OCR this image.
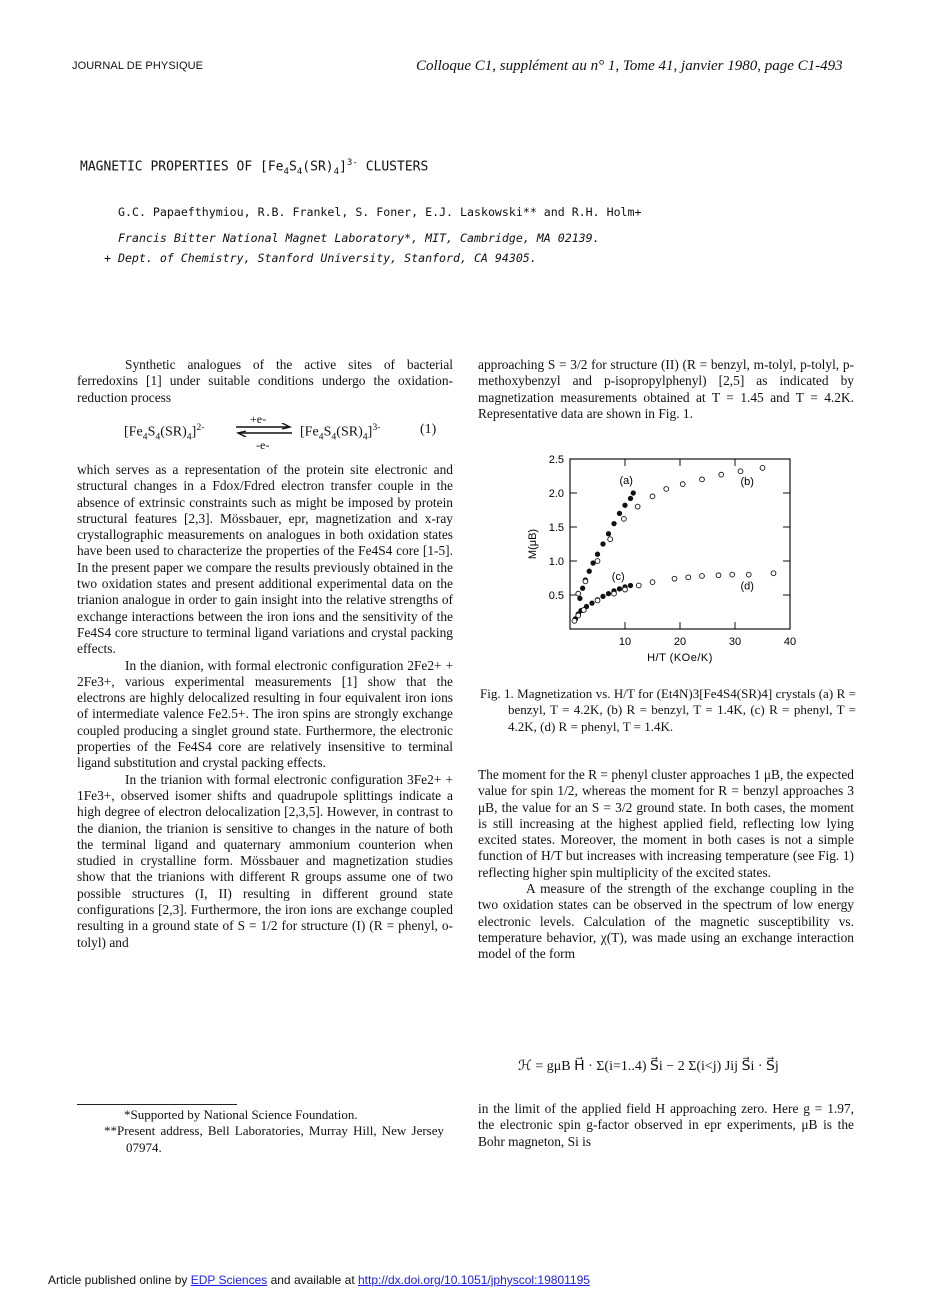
JOURNAL DE PHYSIQUE	Colloque C1, supplément au n° 1, Tome 41, janvier 1980, page C1-493
MAGNETIC PROPERTIES OF $[Fe_4S_4(SR)_4]^{3-}$ CLUSTERS
G.C. Papaefthymiou, R.B. Frankel, S. Foner, E.J. Laskowski** and R.H. Holm+
Francis Bitter National Magnet Laboratory*, MIT, Cambridge, MA 02139.
+ Dept. of Chemistry, Stanford University, Stanford, CA 94305.

Synthetic analogues of the active sites of bacterial ferredoxins [1] under suitable conditions undergo the oxidation-reduction process

$[Fe_4S_4(SR)_4]^{2-}$
+e-
-e-
$[Fe_4S_4(SR)_4]^{3-}$	(1)

which serves as a representation of the protein site electronic and structural changes in a Fdox/Fdred electron transfer couple in the absence of extrinsic constraints such as might be imposed by protein structural features [2,3]. Mössbauer, epr, magnetization and x-ray crystallographic measurements on analogues in both oxidation states have been used to characterize the properties of the Fe4S4 core [1-5]. In the present paper we compare the results previously obtained in the two oxidation states and present additional experimental data on the trianion analogue in order to gain insight into the relative strengths of exchange interactions between the iron ions and the sensitivity of the Fe4S4 core structure to terminal ligand variations and crystal packing effects.

In the dianion, with formal electronic configuration 2Fe2+ + 2Fe3+, various experimental measurements [1] show that the electrons are highly delocalized resulting in four equivalent iron ions of intermediate valence Fe2.5+. The iron spins are strongly exchange coupled producing a singlet ground state. Furthermore, the electronic properties of the Fe4S4 core are relatively insensitive to terminal ligand substitution and crystal packing effects.

In the trianion with formal electronic configuration 3Fe2+ + 1Fe3+, observed isomer shifts and quadrupole splittings indicate a high degree of electron delocalization [2,3,5]. However, in contrast to the dianion, the trianion is sensitive to changes in the nature of both the terminal ligand and quaternary ammonium counterion when studied in crystalline form. Mössbauer and magnetization studies show that the trianions with different R groups assume one of two possible structures (I, II) resulting in different ground state configurations [2,3]. Furthermore, the iron ions are exchange coupled resulting in a ground state of S = 1/2 for structure (I) (R = phenyl, o-tolyl) and

*Supported by National Science Foundation.

**Present address, Bell Laboratories, Murray Hill, New Jersey 07974.

approaching S = 3/2 for structure (II) (R = benzyl, m-tolyl, p-tolyl, p-methoxybenzyl and p-isopropylphenyl) [2,5] as indicated by magnetization measurements obtained at T = 1.45 and T = 4.2K. Representative data are shown in Fig. 1.

0.5
1.0
1.5
2.0
2.5
10	20	30	40
H/T (KOe/K)
M(μB)
(a)	(b)
(c)
(d)
Fig. 1. Magnetization vs. H/T for (Et4N)3[Fe4S4(SR)4] crystals (a) R = benzyl, T = 4.2K, (b) R = benzyl, T = 1.4K, (c) R = phenyl, T = 4.2K, (d) R = phenyl, T = 1.4K.

The moment for the R = phenyl cluster approaches 1 μB, the expected value for spin 1/2, whereas the moment for R = benzyl approaches 3 μB, the value for an S = 3/2 ground state. In both cases, the moment is still increasing at the highest applied field, reflecting low lying excited states. Moreover, the moment in both cases is not a simple function of H/T but increases with increasing temperature (see Fig. 1) reflecting higher spin multiplicity of the excited states.

A measure of the strength of the exchange coupling in the two oxidation states can be observed in the spectrum of low energy electronic levels. Calculation of the magnetic susceptibility vs. temperature behavior, χ(T), was made using an exchange interaction model of the form

ℋ = gμB H⃗ · Σ(i=1..4) S⃗i − 2 Σ(i<j) Jij S⃗i · S⃗j

in the limit of the applied field H approaching zero. Here g = 1.97, the electronic spin g-factor observed in epr experiments, μB is the Bohr magneton, Si is

Article published online by EDP Sciences and available at http://dx.doi.org/10.1051/jphyscol:19801195
